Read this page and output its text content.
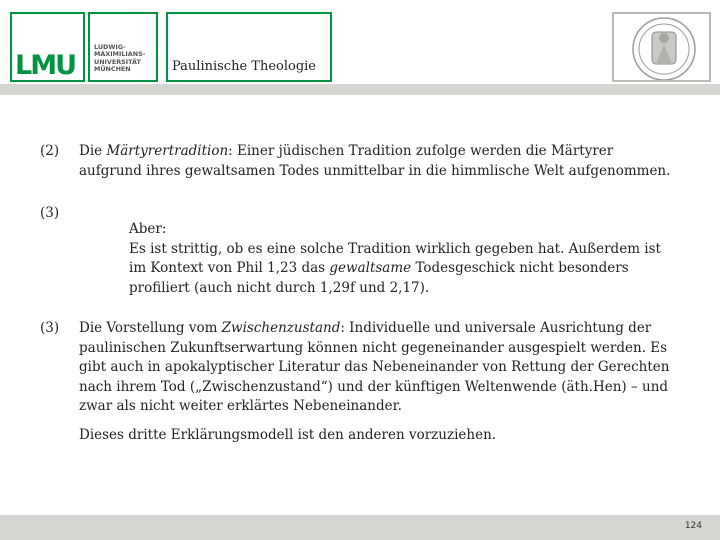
LMU
LUDWIG-
MAXIMILIANS-
UNIVERSITÄT
MÜNCHEN	Paulinische Theologie
(2) Die Märtyrertradition: Einer jüdischen Tradition zufolge werden die Märtyrer aufgrund ihres gewaltsamen Todes unmittelbar in die himmlische Welt aufgenommen.
(3)
Aber:
Es ist strittig, ob es eine solche Tradition wirklich gegeben hat. Außerdem ist im Kontext von Phil 1,23 das gewaltsame Todesgeschick nicht besonders profiliert (auch nicht durch 1,29f und 2,17).
(3) Die Vorstellung vom Zwischenzustand: Individuelle und universale Ausrichtung der paulinischen Zukunftserwartung können nicht gegeneinander ausgespielt werden. Es gibt auch in apokalyptischer Literatur das Nebeneinander von Rettung der Gerechten nach ihrem Tod („Zwischenzustand“) und der künftigen Weltenwende (äth.Hen) – und zwar als nicht weiter erklärtes Nebeneinander.
Dieses dritte Erklärungsmodell ist den anderen vorzuziehen.
124
